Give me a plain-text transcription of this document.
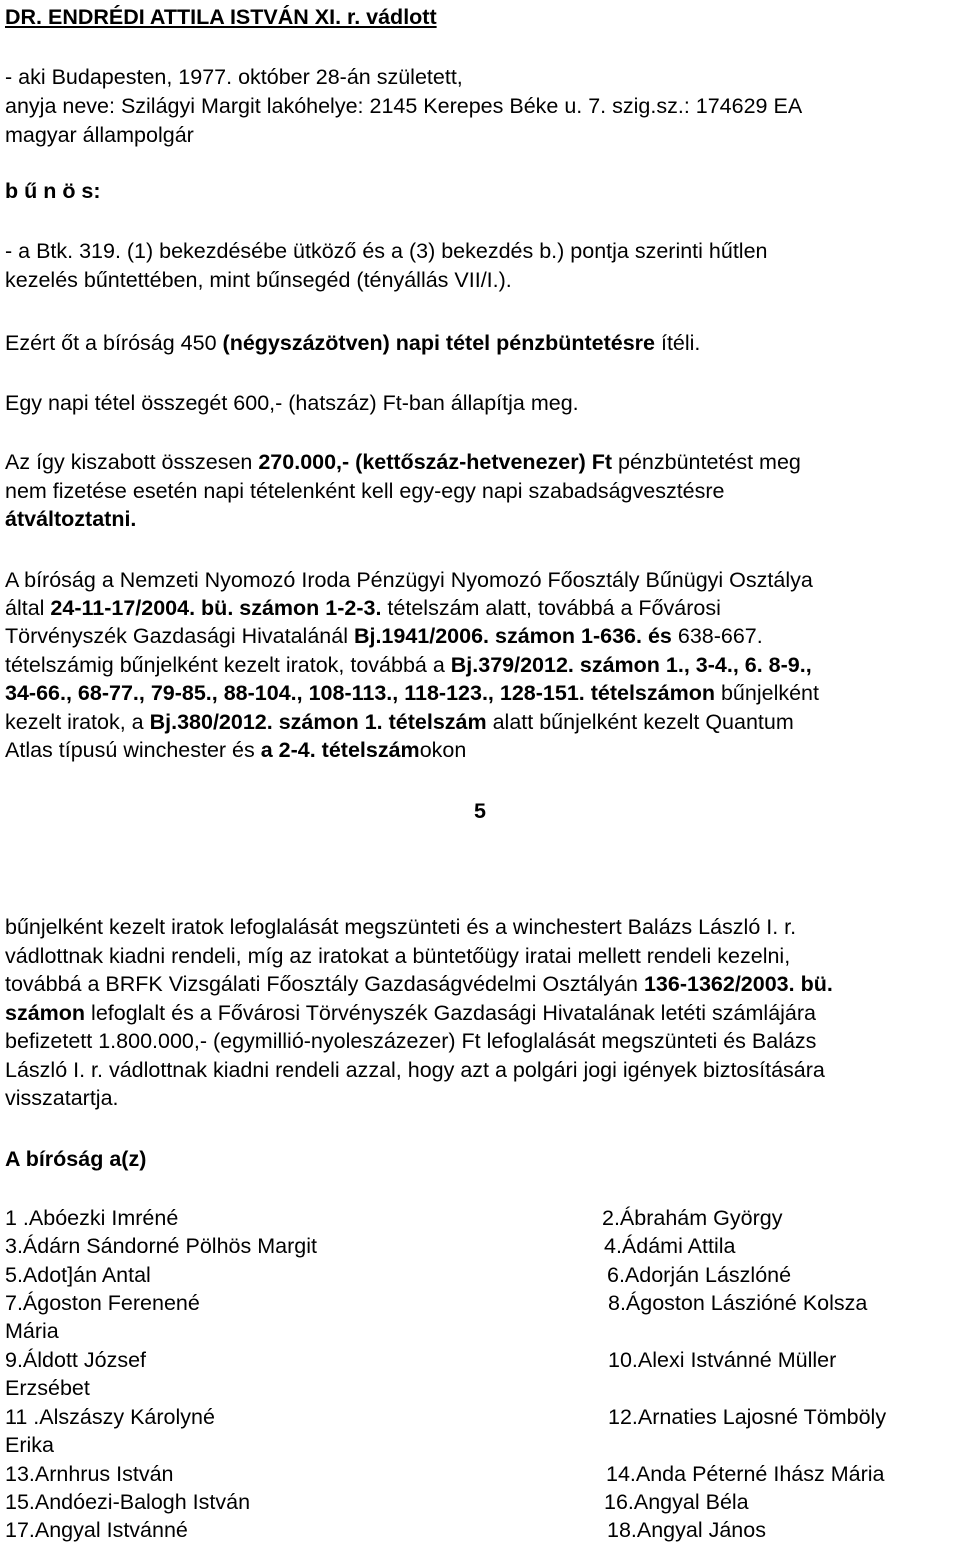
DR. ENDRÉDI ATTILA ISTVÁN XI. r. vádlott
- aki Budapesten, 1977. október 28-án született,
anyja neve: Szilágyi Margit lakóhelye: 2145 Kerepes Béke u. 7. szig.sz.: 174629 EA
magyar állampolgár
b ű n ö s:
- a Btk. 319. (1) bekezdésébe ütköző és a (3) bekezdés b.) pontja szerinti hűtlen
kezelés bűntettében, mint bűnsegéd (tényállás VII/I.).
Ezért őt a bíróság 450 (négyszázötven) napi tétel pénzbüntetésre ítéli.
Egy napi tétel összegét 600,- (hatszáz) Ft-ban állapítja meg.
Az így kiszabott összesen 270.000,- (kettőszáz-hetvenezer) Ft pénzbüntetést meg
nem fizetése esetén napi tételenként kell egy-egy napi szabadságvesztésre
átváltoztatni.
A bíróság a Nemzeti Nyomozó Iroda Pénzügyi Nyomozó Főosztály Bűnügyi Osztálya
által 24-11-17/2004. bü. számon 1-2-3. tételszám alatt, továbbá a Fővárosi
Törvényszék Gazdasági Hivatalánál Bj.1941/2006. számon 1-636. és 638-667.
tételszámig bűnjelként kezelt iratok, továbbá a Bj.379/2012. számon 1., 3-4., 6. 8-9.,
34-66., 68-77., 79-85., 88-104., 108-113., 118-123., 128-151. tételszámon bűnjelként
kezelt iratok, a Bj.380/2012. számon 1. tételszám alatt bűnjelként kezelt Quantum
Atlas típusú winchester és a 2-4. tételszámokon
5
bűnjelként kezelt iratok lefoglalását megszünteti és a winchestert Balázs László I. r.
vádlottnak kiadni rendeli, míg az iratokat a büntetőügy iratai mellett rendeli kezelni,
továbbá a BRFK Vizsgálati Főosztály Gazdaságvédelmi Osztályán 136-1362/2003. bü.
számon lefoglalt és a Fővárosi Törvényszék Gazdasági Hivatalának letéti számlájára
befizetett 1.800.000,- (egymillió-nyoleszázezer) Ft lefoglalását megszünteti és Balázs
László I. r. vádlottnak kiadni rendeli azzal, hogy azt a polgári jogi igények biztosítására
visszatartja.
A bíróság a(z)
1 .Abóezki Imréné
3.Ádárn Sándorné Pölhös Margit
5.Adot]án Antal
7.Ágoston Ferenené
Mária
9.Áldott József
Erzsébet
11 .Alszászy Károlyné
Erika
13.Arnhrus István
15.Andóezi-Balogh István
17.Angyal Istvánné
2.Ábrahám György
4.Ádámi Attila
6.Adorján Lászlóné
8.Ágoston Lászióné Kolsza
10.Alexi Istvánné Müller
12.Arnaties Lajosné Tömböly
14.Anda Péterné Ihász Mária
16.Angyal Béla
18.Angyal János
